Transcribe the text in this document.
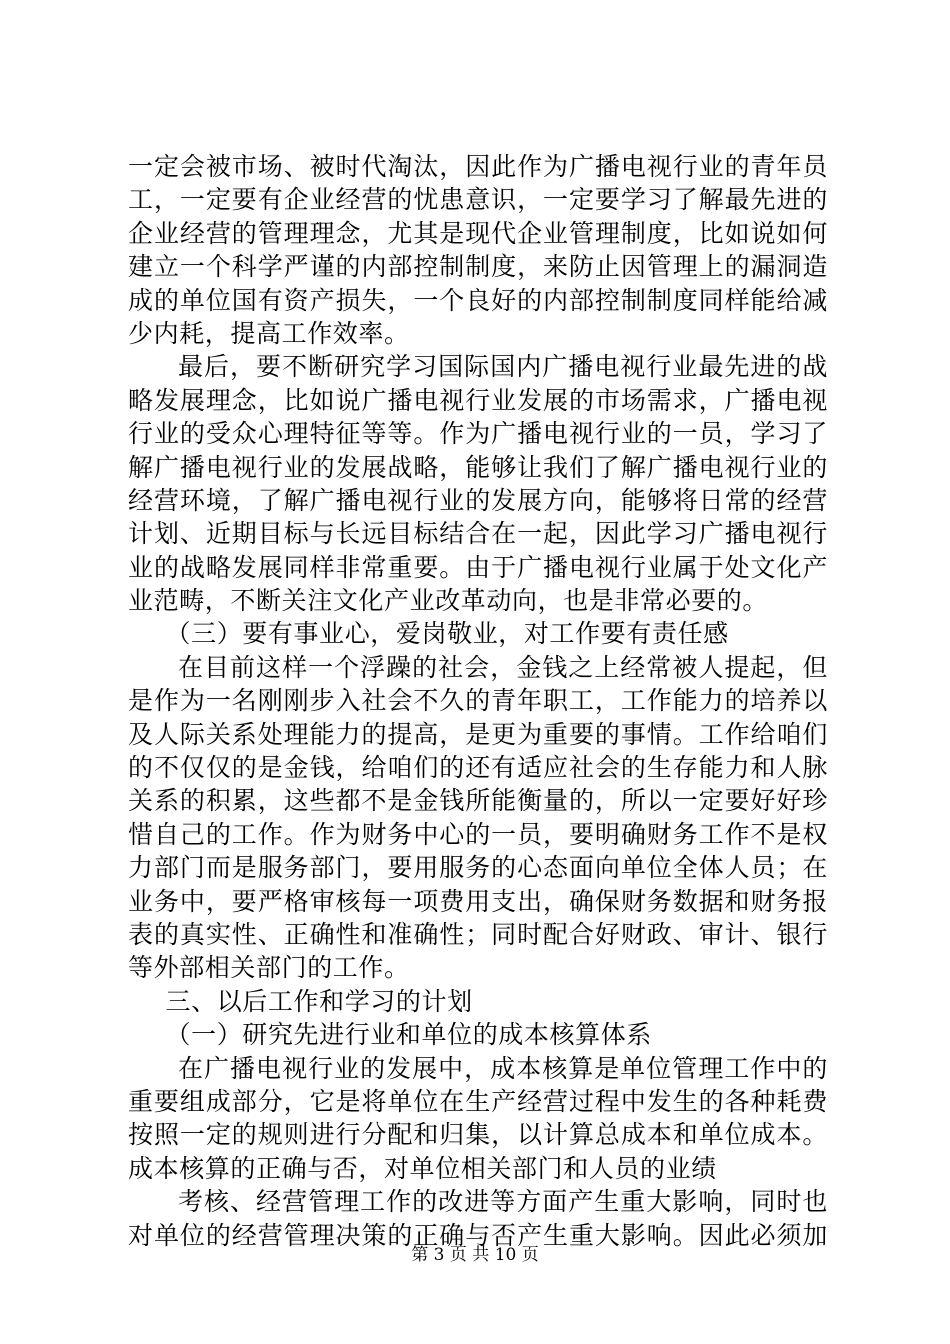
一定会被市场、被时代淘汰，因此作为广播电视行业的青年员
工，一定要有企业经营的忧患意识，一定要学习了解最先进的
企业经营的管理理念，尤其是现代企业管理制度，比如说如何
建立一个科学严谨的内部控制制度，来防止因管理上的漏洞造
成的单位国有资产损失，一个良好的内部控制制度同样能给减
少内耗，提高工作效率。
最后，要不断研究学习国际国内广播电视行业最先进的战
略发展理念，比如说广播电视行业发展的市场需求，广播电视
行业的受众心理特征等等。作为广播电视行业的一员，学习了
解广播电视行业的发展战略，能够让我们了解广播电视行业的
经营环境，了解广播电视行业的发展方向，能够将日常的经营
计划、近期目标与长远目标结合在一起，因此学习广播电视行
业的战略发展同样非常重要。由于广播电视行业属于处文化产
业范畴，不断关注文化产业改革动向，也是非常必要的。
（三）要有事业心，爱岗敬业，对工作要有责任感
在目前这样一个浮躁的社会，金钱之上经常被人提起，但
是作为一名刚刚步入社会不久的青年职工，工作能力的培养以
及人际关系处理能力的提高，是更为重要的事情。工作给咱们
的不仅仅的是金钱，给咱们的还有适应社会的生存能力和人脉
关系的积累，这些都不是金钱所能衡量的，所以一定要好好珍
惜自己的工作。作为财务中心的一员，要明确财务工作不是权
力部门而是服务部门，要用服务的心态面向单位全体人员；在
业务中，要严格审核每一项费用支出，确保财务数据和财务报
表的真实性、正确性和准确性；同时配合好财政、审计、银行
等外部相关部门的工作。
三、以后工作和学习的计划
（一）研究先进行业和单位的成本核算体系
在广播电视行业的发展中，成本核算是单位管理工作中的
重要组成部分，它是将单位在生产经营过程中发生的各种耗费
按照一定的规则进行分配和归集，以计算总成本和单位成本。
成本核算的正确与否，对单位相关部门和人员的业绩
考核、经营管理工作的改进等方面产生重大影响，同时也
对单位的经营管理决策的正确与否产生重大影响。因此必须加
第 3 页 共 10 页
